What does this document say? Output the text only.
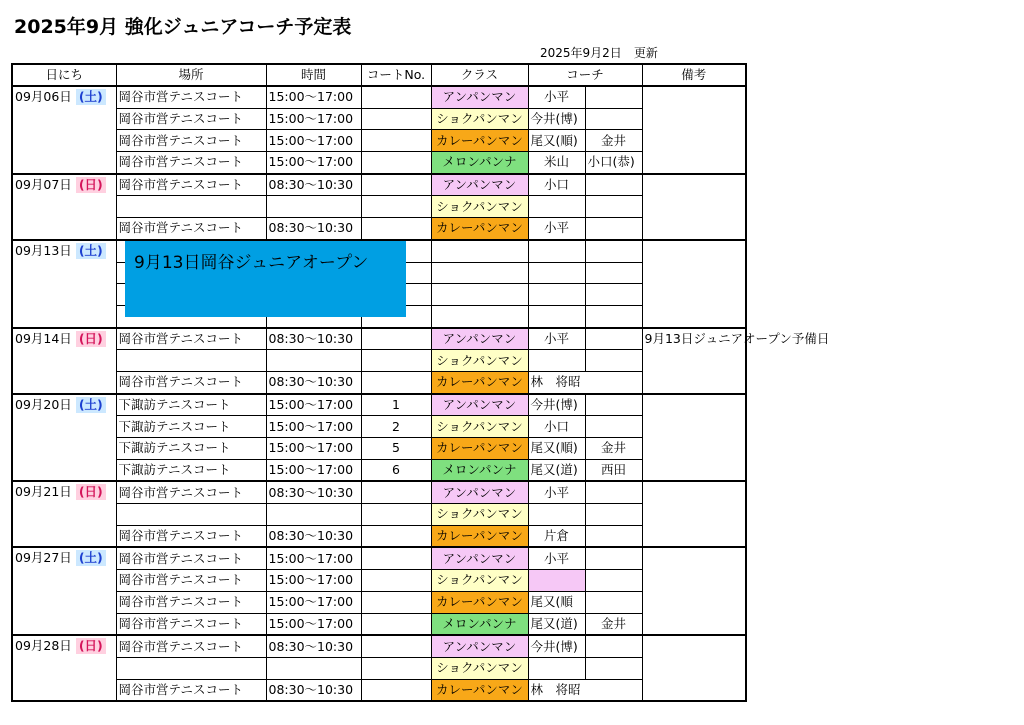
2025年9月 強化ジュニアコーチ予定表
2025年9月2日 更新
日にち	場所	時間	コートNo.	クラス	コーチ		備考
09月06日 (土)	岡谷市営テニスコート	15:00～17:00		アンパンマン	小平		
	岡谷市営テニスコート	15:00～17:00		ショクパンマン	今井(博)		
	岡谷市営テニスコート	15:00～17:00		カレーパンマン	尾又(順)	金井	
	岡谷市営テニスコート	15:00～17:00		メロンパンナ	米山	小口(恭)	
09月07日 (日)	岡谷市営テニスコート	08:30～10:30		アンパンマン	小口		
				ショクパンマン			
	岡谷市営テニスコート	08:30～10:30		カレーパンマン	小平		
09月13日 (土)							

09月14日 (日)	岡谷市営テニスコート	08:30～10:30		アンパンマン	小平		9月13日ジュニアオープン予備日
				ショクパンマン			
	岡谷市営テニスコート	08:30～10:30		カレーパンマン	林　将昭		
09月20日 (土)	下諏訪テニスコート	15:00～17:00	1	アンパンマン	今井(博)		
	下諏訪テニスコート	15:00～17:00	2	ショクパンマン	小口		
	下諏訪テニスコート	15:00～17:00	5	カレーパンマン	尾又(順)	金井	
	下諏訪テニスコート	15:00～17:00	6	メロンパンナ	尾又(道)	西田	
09月21日 (日)	岡谷市営テニスコート	08:30～10:30		アンパンマン	小平		
				ショクパンマン			
	岡谷市営テニスコート	08:30～10:30		カレーパンマン	片倉		
09月27日 (土)	岡谷市営テニスコート	15:00～17:00		アンパンマン	小平		
	岡谷市営テニスコート	15:00～17:00		ショクパンマン			
	岡谷市営テニスコート	15:00～17:00		カレーパンマン	尾又(順		
	岡谷市営テニスコート	15:00～17:00		メロンパンナ	尾又(道)	金井	
09月28日 (日)	岡谷市営テニスコート	08:30～10:30		アンパンマン	今井(博)		
				ショクパンマン			
	岡谷市営テニスコート	08:30～10:30		カレーパンマン	林　将昭		
9月13日岡谷ジュニアオープン
